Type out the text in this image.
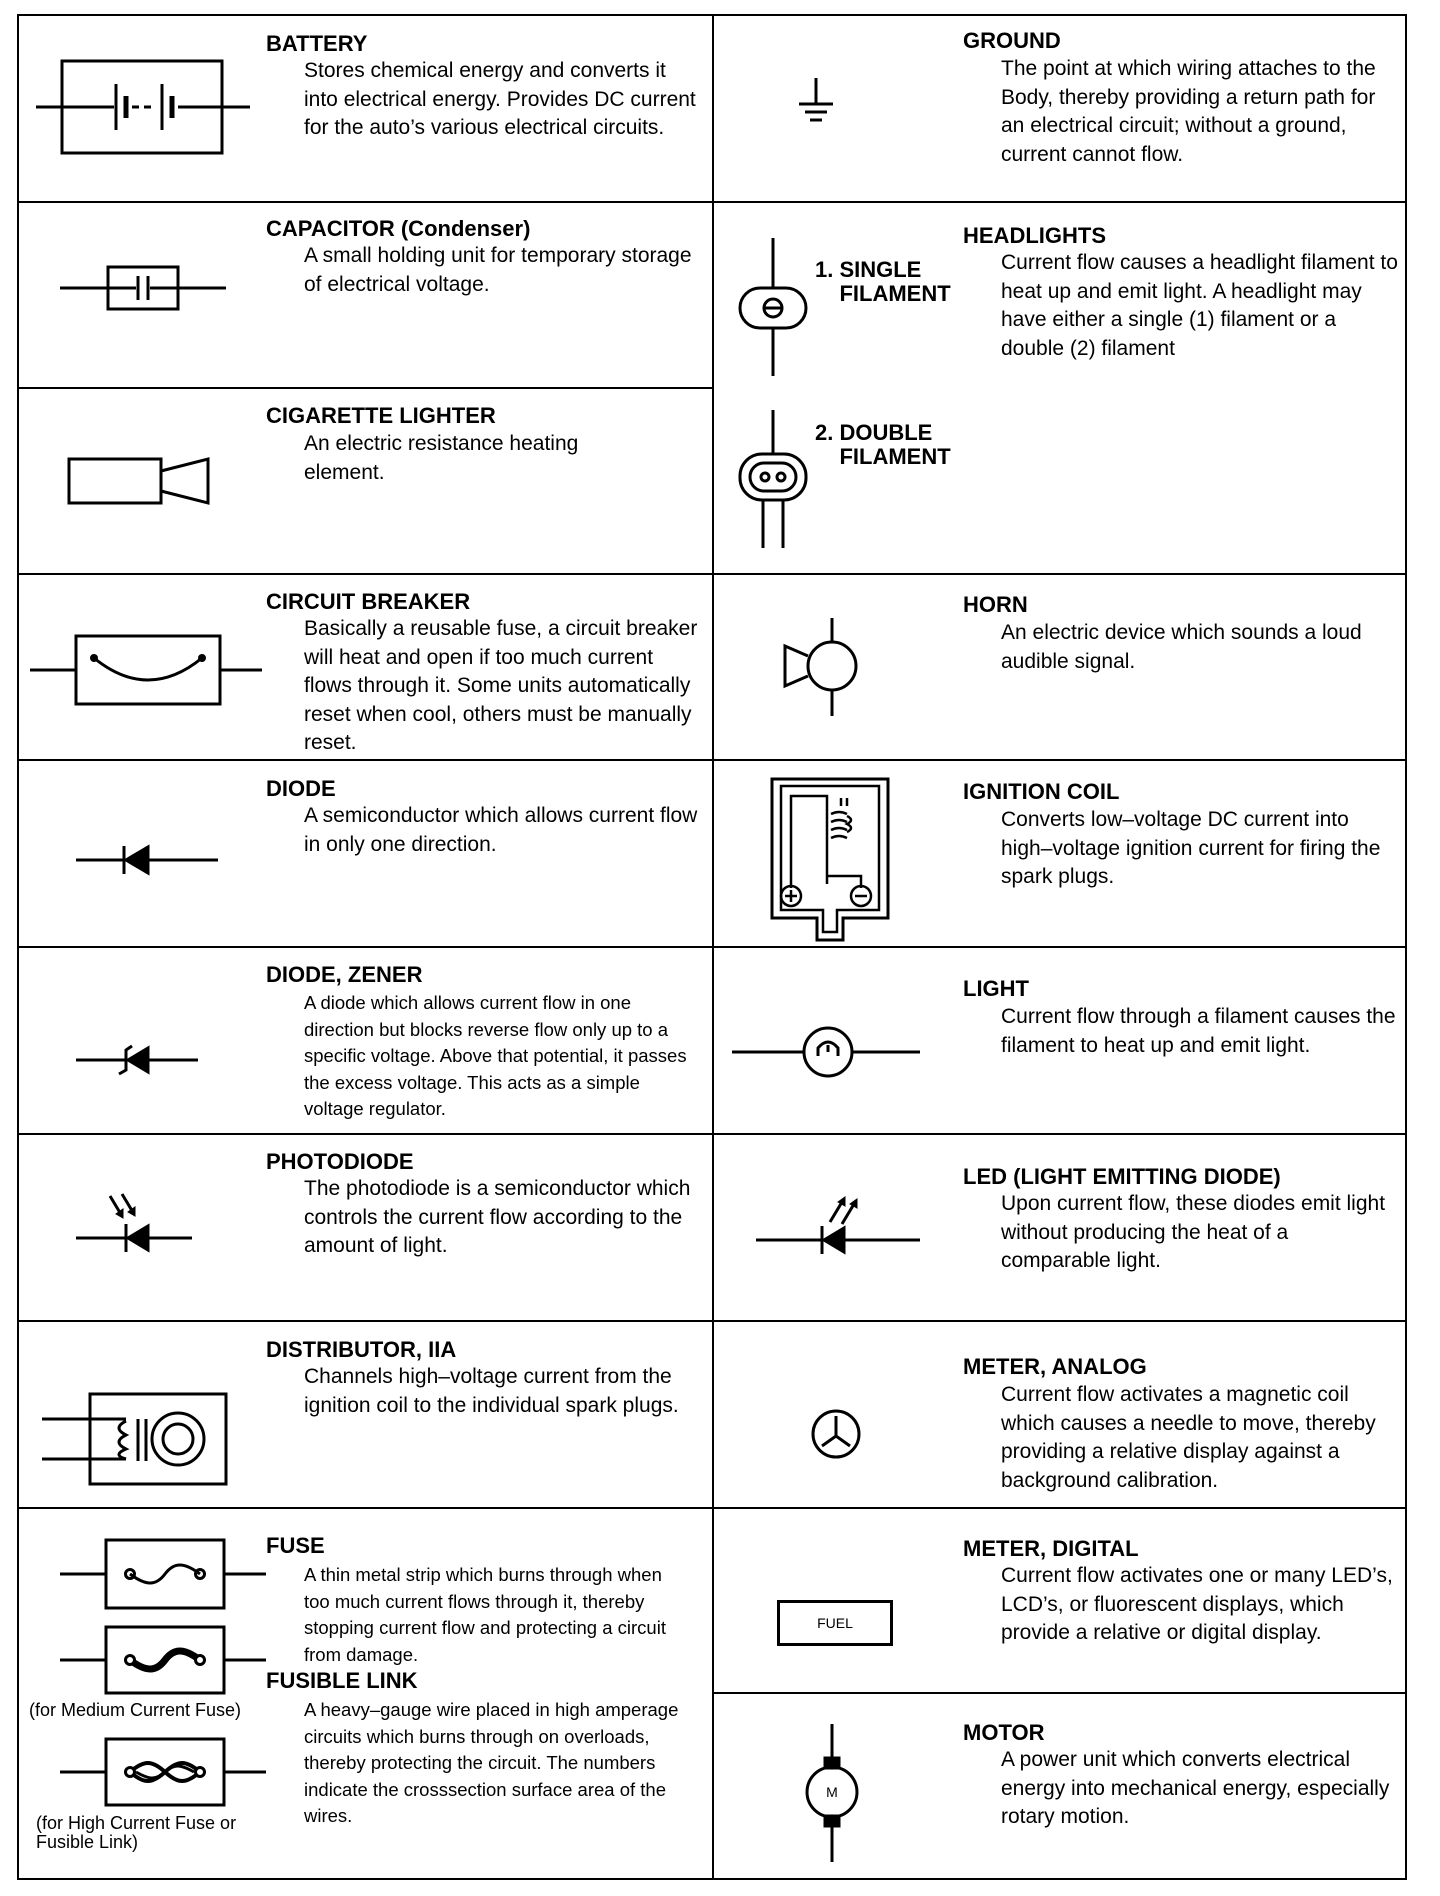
BATTERY
Stores chemical energy and converts it into electrical energy. Provides DC current for the auto’s various electrical circuits.
CAPACITOR (Condenser)
A small holding unit for temporary storage of electrical voltage.
CIGARETTE LIGHTER
An electric resistance heating element.
CIRCUIT BREAKER
Basically a reusable fuse, a circuit breaker will heat and open if too much current flows through it. Some units automatically reset when cool, others must be manually reset.
DIODE
A semiconductor which allows current flow in only one direction.
DIODE, ZENER
A diode which allows current flow in one direction but blocks reverse flow only up to a specific voltage. Above that potential, it passes the excess voltage. This acts as a simple voltage regulator.
PHOTODIODE
The photodiode is a semiconductor which controls the current flow according to the amount of light.
DISTRIBUTOR, IIA
Channels high–voltage current from the ignition coil to the individual spark plugs.
(for Medium Current Fuse)
(for High Current Fuse or Fusible Link)
FUSE
A thin metal strip which burns through when too much current flows through it, thereby stopping current flow and protecting a circuit from damage.
FUSIBLE LINK
A heavy–gauge wire placed in high amperage circuits which burns through on overloads, thereby protecting the circuit. The numbers indicate the crosssection surface area of the wires.
GROUND
The point at which wiring attaches to the Body, thereby providing a return path for an electrical circuit; without a ground, current cannot flow.
1. SINGLE
FILAMENT
2. DOUBLE
FILAMENT
HEADLIGHTS
Current flow causes a headlight filament to heat up and emit light. A headlight may have either a single (1) filament or a double (2) filament
HORN
An electric device which sounds a loud audible signal.
IGNITION COIL
Converts low–voltage DC current into high–voltage ignition current for firing the spark plugs.
LIGHT
Current flow through a filament causes the filament to heat up and emit light.
LED (LIGHT EMITTING DIODE)
Upon current flow, these diodes emit light without producing the heat of a comparable light.
METER, ANALOG
Current flow activates a magnetic coil which causes a needle to move, thereby providing a relative display against a background calibration.
FUEL
METER, DIGITAL
Current flow activates one or many LED’s, LCD’s, or fluorescent displays, which provide a relative or digital display.
M
MOTOR
A power unit which converts electrical energy into mechanical energy, especially rotary motion.
